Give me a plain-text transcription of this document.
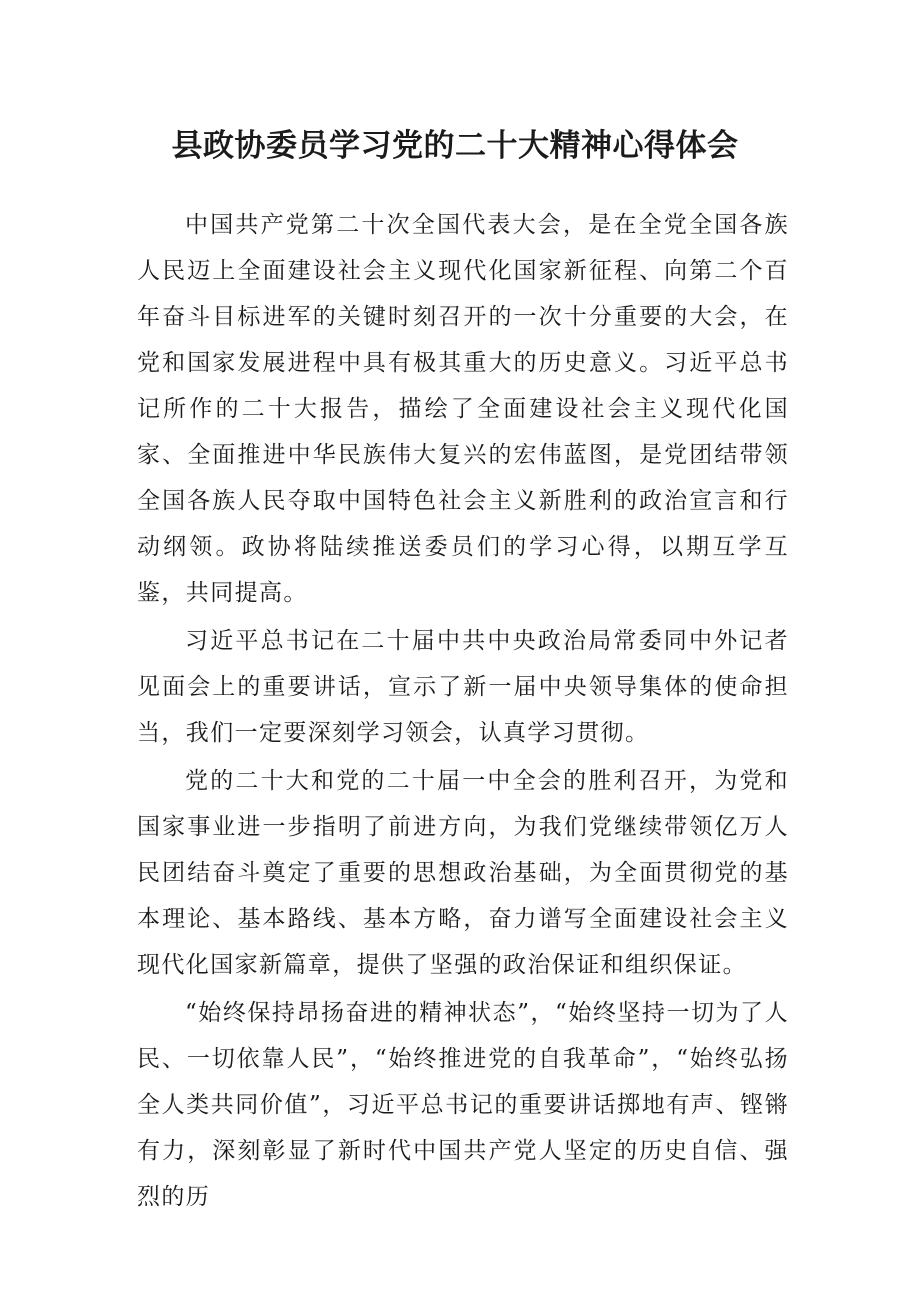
县政协委员学习党的二十大精神心得体会

中国共产党第二十次全国代表大会，是在全党全国各族人民迈上全面建设社会主义现代化国家新征程、向第二个百年奋斗目标进军的关键时刻召开的一次十分重要的大会，在党和国家发展进程中具有极其重大的历史意义。习近平总书记所作的二十大报告，描绘了全面建设社会主义现代化国家、全面推进中华民族伟大复兴的宏伟蓝图，是党团结带领全国各族人民夺取中国特色社会主义新胜利的政治宣言和行动纲领。政协将陆续推送委员们的学习心得，以期互学互鉴，共同提高。

习近平总书记在二十届中共中央政治局常委同中外记者见面会上的重要讲话，宣示了新一届中央领导集体的使命担当，我们一定要深刻学习领会，认真学习贯彻。

党的二十大和党的二十届一中全会的胜利召开，为党和国家事业进一步指明了前进方向，为我们党继续带领亿万人民团结奋斗奠定了重要的思想政治基础，为全面贯彻党的基本理论、基本路线、基本方略，奋力谱写全面建设社会主义现代化国家新篇章，提供了坚强的政治保证和组织保证。

“始终保持昂扬奋进的精神状态”，“始终坚持一切为了人民、一切依靠人民”，“始终推进党的自我革命”，“始终弘扬全人类共同价值”，习近平总书记的重要讲话掷地有声、铿锵有力，深刻彰显了新时代中国共产党人坚定的历史自信、强烈的历
